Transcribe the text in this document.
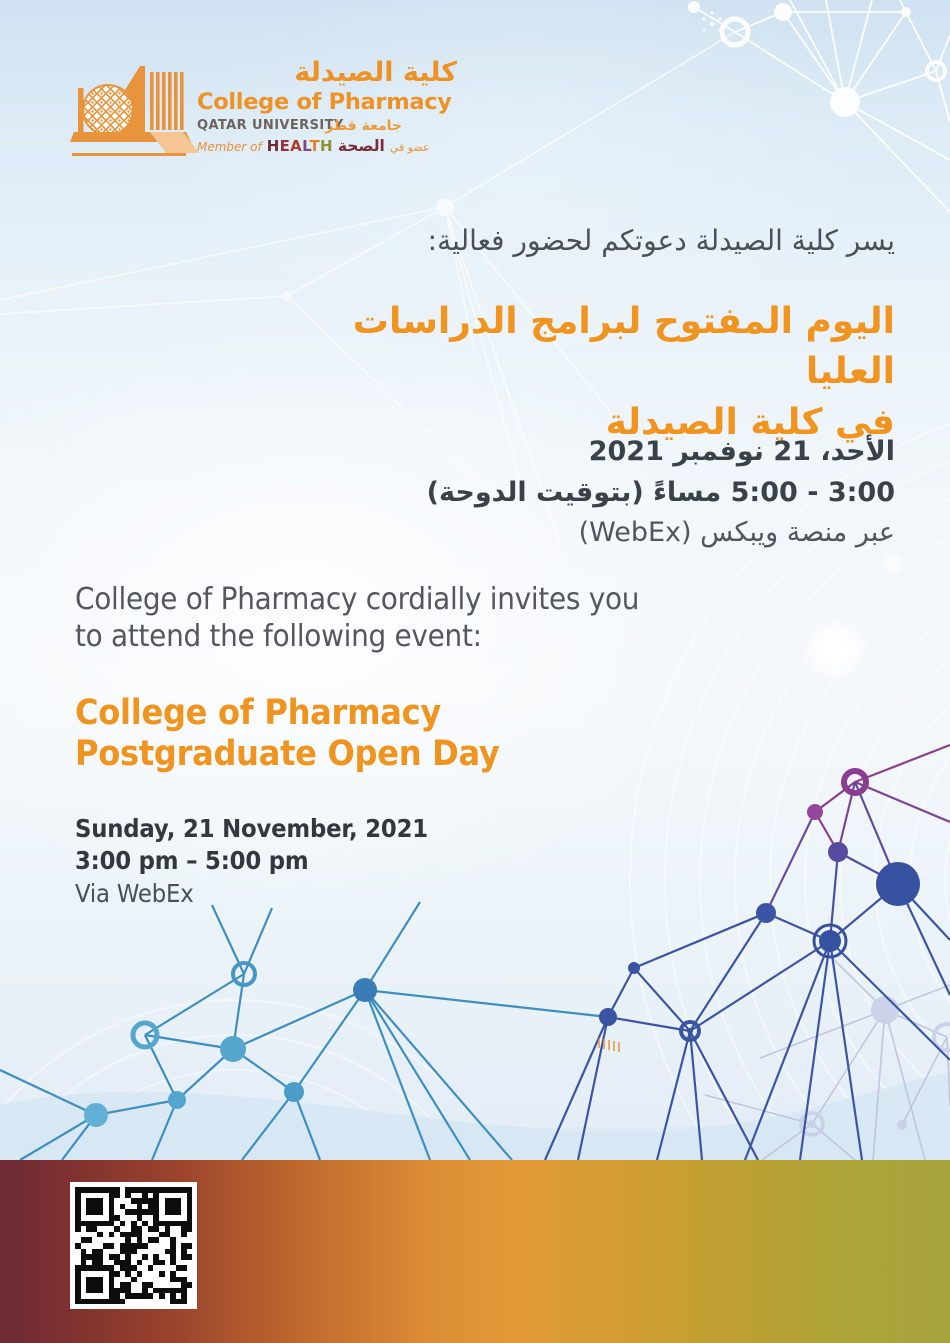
كلية الصيدلة
College of Pharmacy
QATAR UNIVERSITY
جامعة قطر
Member of HEALTH الصحة عضو في
يسر كلية الصيدلة دعوتكم لحضور فعالية:
اليوم المفتوح لبرامج الدراسات العليا
في كلية الصيدلة
الأحد، 21 نوفمبر 2021
3:00 - 5:00 مساءً (بتوقيت الدوحة)
عبر منصة ويبكس (WebEx)
College of Pharmacy cordially invites you
to attend the following event:
College of Pharmacy
Postgraduate Open Day
Sunday, 21 November, 2021
3:00 pm – 5:00 pm
Via WebEx
